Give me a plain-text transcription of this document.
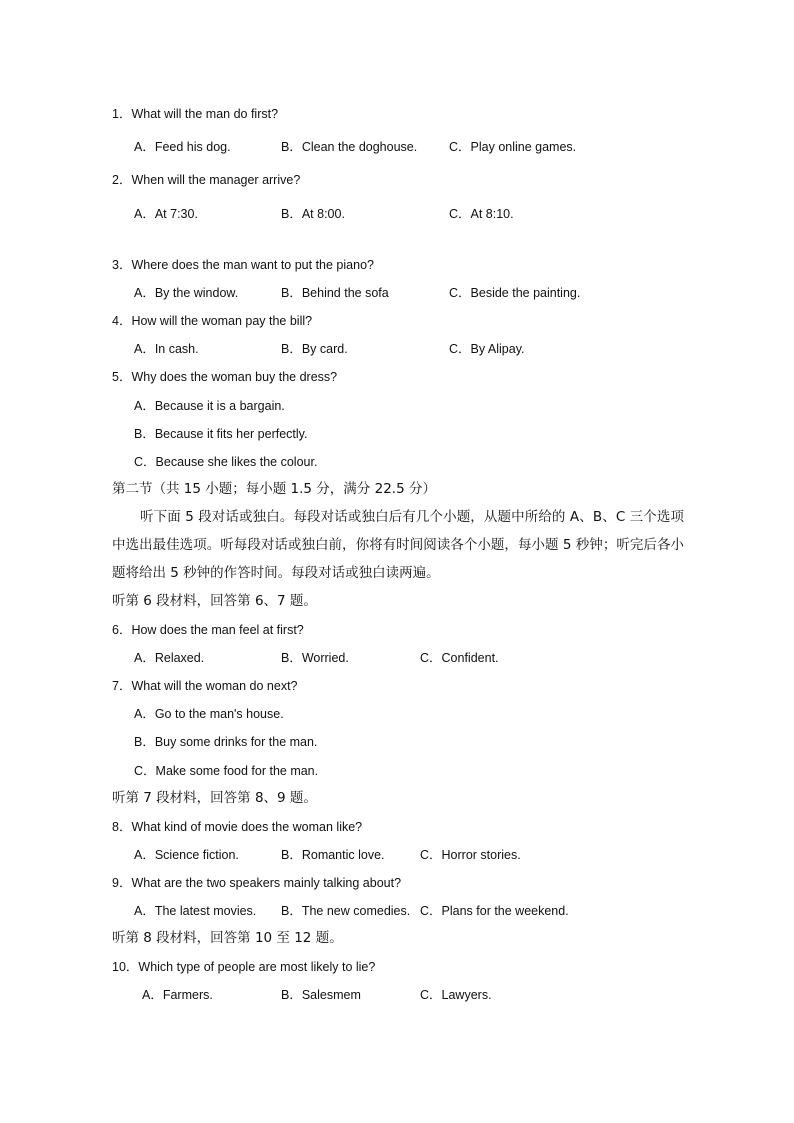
1．What will the man do first?
A．Feed his dog.	B．Clean the doghouse.	C．Play online games.
2．When will the manager arrive?
A．At 7:30.	B．At 8:00.	C．At 8:10.
3．Where does the man want to put the piano?
A．By the window.	B．Behind the sofa	C．Beside the painting.
4．How will the woman pay the bill?
A．In cash.	B．By card.	C．By Alipay.
5．Why does the woman buy the dress?
A．Because it is a bargain.
B．Because it fits her perfectly.
C．Because she likes the colour.
第二节（共 15 小题；每小题 1.5 分，满分 22.5 分）
听下面 5 段对话或独白。每段对话或独白后有几个小题，从题中所给的 A、B、C 三个选项中选出最佳选项。听每段对话或独白前，你将有时间阅读各个小题，每小题 5 秒钟；听完后各小题将给出 5 秒钟的作答时间。每段对话或独白读两遍。
听第 6 段材料，回答第 6、7 题。
6．How does the man feel at first?
A．Relaxed.	B．Worried.	C．Confident.
7．What will the woman do next?
A．Go to the man's house.
B．Buy some drinks for the man.
C．Make some food for the man.
听第 7 段材料，回答第 8、9 题。
8．What kind of movie does the woman like?
A．Science fiction.	B．Romantic love.	C．Horror stories.
9．What are the two speakers mainly talking about?
A．The latest movies. B．The new comedies. C．Plans for the weekend.
听第 8 段材料，回答第 10 至 12 题。
10．Which type of people are most likely to lie?
A．Farmers.	B．Salesmem	C．Lawyers.
